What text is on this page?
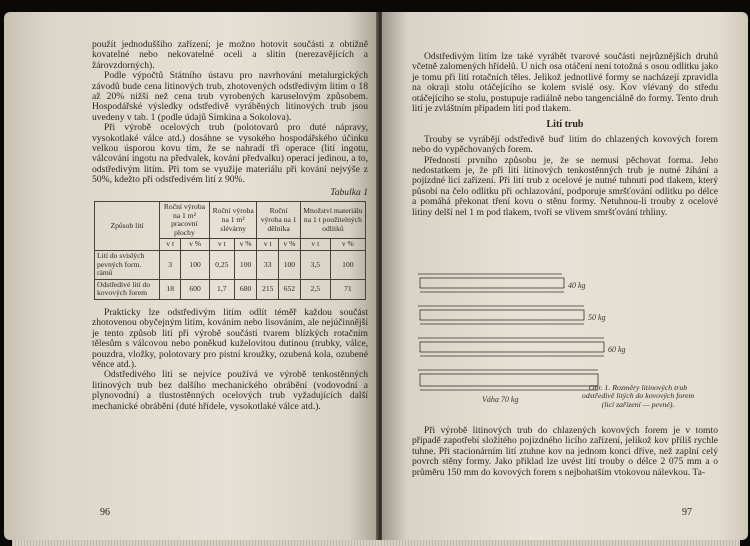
použít jednoduššího zařízení; je možno hotovit součásti z obtížně kovatelné nebo nekovatelné oceli a slitin (nerezavějících a žárovzdorných).

Podle výpočtů Státního ústavu pro navrhování metalurgických závodů bude cena litinových trub, zhotovených odstředivým litím o 18 až 20% nižší než cena trub vyrobených karuselovým způsobem. Hospodářské výsledky odstředivě vyráběných litinových trub jsou uvedeny v tab. 1 (podle údajů Simkina a Sokolova).

Při výrobě ocelových trub (polotovarů pro duté nápravy, vysokotlaké válce atd.) dosáhne se vysokého hospodářského účinku velkou úsporou kovu tím, že se nahradí tři operace (lití ingotu, válcování ingotu na předvalek, kování předvalku) operací jedinou, a to, odstředivým litím. Při tom se využije materiálu při kování nejvýše z 50%, kdežto při odstředivém lití z 90%.

Tabulka 1
Způsob lití	Roční výroba na 1 m² pracovní plochy		Roční výroba na 1 m² slévárny		Roční výroba na 1 dělníka		Množství materiálu na 1 t použitelných odlitků	
	v t	v %	v t	v %	v t	v %	v t	v %
Lití do svislých pevných form. rámů	3	100	0,25	100	33	100	3,5	100
Odstředivé lití do kovových forem	18	600	1,7	680	215	652	2,5	71

Prakticky lze odstředivým litím odlít téměř každou součást zhotovenou obyčejným litím, kováním nebo lisováním, ale nejúčinnější je tento způsob lití při výrobě součástí tvarem blízkých rotačním tělesům s válcovou nebo poněkud kuželovitou dutinou (trubky, válce, pouzdra, vložky, polotovary pro pístní kroužky, ozubená kola, ozubené věnce atd.).

Odstředivého lití se nejvíce používá ve výrobě tenkostěnných litinových trub bez dalšího mechanického obrábění (vodovodní a plynovodní) a tlustostěnných ocelových trub vyžadujících další mechanické obrábění (duté hřídele, vysokotlaké válce atd.).

96

Odstředivým litím lze také vyrábět tvarové součásti nejrůznějších druhů včetně zalomených hřídelů. U nich osa otáčení není totožná s osou odlitku jako je tomu při lití rotačních těles. Jelikož jednotlivé formy se nacházejí zpravidla na okraji stolu otáčejícího se kolem svislé osy. Kov vlévaný do středu otáčejícího se stolu, postupuje radiálně nebo tangenciálně do formy. Tento druh lití je zvláštním případem lití pod tlakem.

Lití trub

Trouby se vyrábějí odstředivě buď litím do chlazených kovových forem nebo do vypěchovaných forem.

Předností prvního způsobu je, že se nemusí pěchovat forma. Jeho nedostatkem je, že při lití litinových tenkostěnných trub je nutné žíhání a pojízdné licí zařízení. Při lití trub z ocelové je nutné tuhnutí pod tlakem, který působí na čelo odlitku při ochlazování, podporuje smršťování odlitku po délce a pomáhá překonat tření kovu o stěnu formy. Netuhnou-li trouby z ocelové litiny delší nel 1 m pod tlakem, tvoří se vlivem smršťování trhliny.

40 kg
50 kg
60 kg
Váha 70 kg
Obr. 1. Rozměry litinových trub odstředivě litých do kovových forem (licí zařízení — pevné).

Při výrobě litinových trub do chlazených kovových forem je v tomto případě zapotřebí složitého pojízdného licího zařízení, jelikož kov příliš rychle tuhne. Při stacionárním lití ztuhne kov na jednom konci dříve, než zaplní celý povrch stěny formy. Jako příklad lze uvést lití trouby o délce 2 075 mm a o průměru 150 mm do kovových forem s nejbohatším vtokovou nálevkou. Ta-

97
